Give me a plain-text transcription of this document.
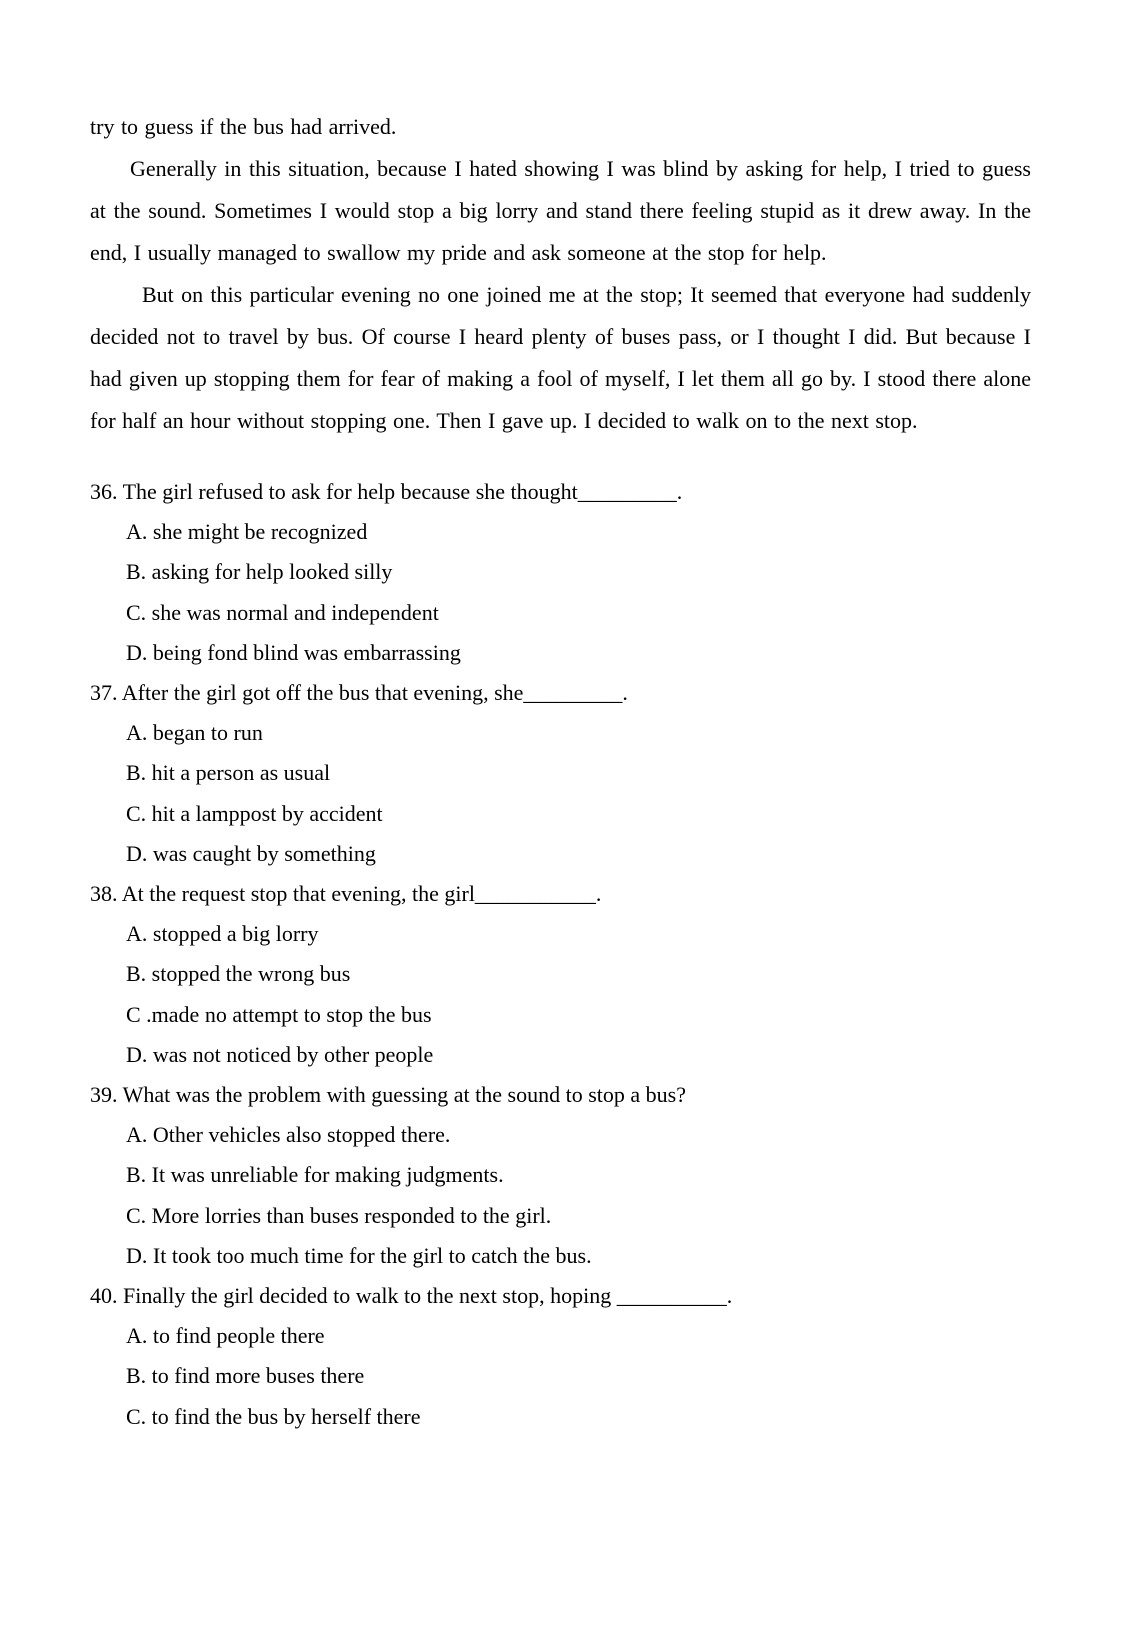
try to guess if the bus had arrived.

Generally in this situation, because I hated showing I was blind by asking for help, I tried to guess at the sound. Sometimes I would stop a big lorry and stand there feeling stupid as it drew away. In the end, I usually managed to swallow my pride and ask someone at the stop for help.

But on this particular evening no one joined me at the stop; It seemed that everyone had suddenly decided not to travel by bus. Of course I heard plenty of buses pass, or I thought I did. But because I had given up stopping them for fear of making a fool of myself, I let them all go by. I stood there alone for half an hour without stopping one. Then I gave up. I decided to walk on to the next stop.

36. The girl refused to ask for help because she thought_________.
A. she might be recognized
B. asking for help looked silly
C. she was normal and independent
D. being fond blind was embarrassing
37. After the girl got off the bus that evening, she_________.
A. began to run
B. hit a person as usual
C. hit a lamppost by accident
D. was caught by something
38. At the request stop that evening, the girl___________.
A. stopped a big lorry
B. stopped the wrong bus
C .made no attempt to stop the bus
D. was not noticed by other people
39. What was the problem with guessing at the sound to stop a bus?
A. Other vehicles also stopped there.
B. It was unreliable for making judgments.
C. More lorries than buses responded to the girl.
D. It took too much time for the girl to catch the bus.
40. Finally the girl decided to walk to the next stop, hoping __________.
A. to find people there
B. to find more buses there
C. to find the bus by herself there
